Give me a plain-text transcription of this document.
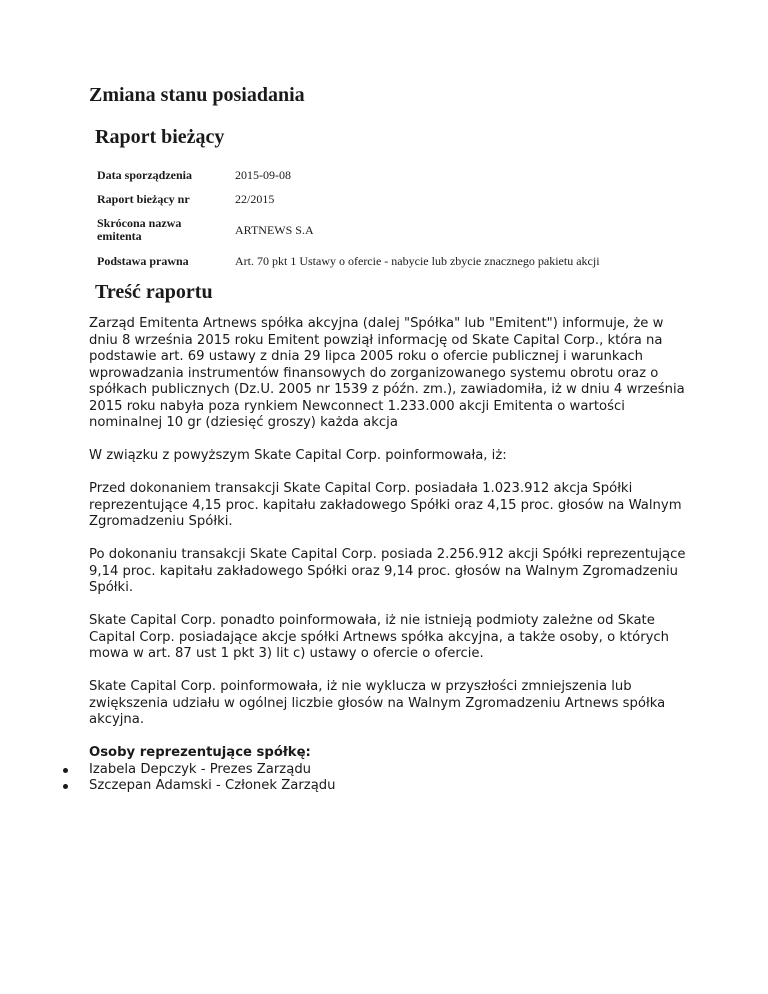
Zmiana stanu posiadania
Raport bieżący
Data sporządzenia	2015-09-08
Raport bieżący nr	22/2015
Skrócona nazwa emitenta	ARTNEWS S.A
Podstawa prawna	Art. 70 pkt 1 Ustawy o ofercie - nabycie lub zbycie znacznego pakietu akcji
Treść raportu

Zarząd Emitenta Artnews spółka akcyjna (dalej "Spółka" lub "Emitent") informuje, że w dniu 8 września 2015 roku Emitent powziął informację od Skate Capital Corp., która na podstawie art. 69 ustawy z dnia 29 lipca 2005 roku o ofercie publicznej i warunkach wprowadzania instrumentów finansowych do zorganizowanego systemu obrotu oraz o spółkach publicznych (Dz.U. 2005 nr 1539 z późn. zm.), zawiadomiła, iż w dniu 4 września 2015 roku nabyła poza rynkiem Newconnect 1.233.000 akcji Emitenta o wartości nominalnej 10 gr (dziesięć groszy) każda akcja

W związku z powyższym Skate Capital Corp. poinformowała, iż:

Przed dokonaniem transakcji Skate Capital Corp. posiadała 1.023.912 akcja Spółki reprezentujące 4,15 proc. kapitału zakładowego Spółki oraz 4,15 proc. głosów na Walnym Zgromadzeniu Spółki.

Po dokonaniu transakcji Skate Capital Corp. posiada 2.256.912 akcji Spółki reprezentujące 9,14 proc. kapitału zakładowego Spółki oraz 9,14 proc. głosów na Walnym Zgromadzeniu Spółki.

Skate Capital Corp. ponadto poinformowała, iż nie istnieją podmioty zależne od Skate Capital Corp. posiadające akcje spółki Artnews spółka akcyjna, a także osoby, o których mowa w art. 87 ust 1 pkt 3) lit c) ustawy o ofercie o ofercie.

Skate Capital Corp. poinformowała, iż nie wyklucza w przyszłości zmniejszenia lub zwiększenia udziału w ogólnej liczbie głosów na Walnym Zgromadzeniu Artnews spółka akcyjna.

Osoby reprezentujące spółkę:
Izabela Depczyk - Prezes Zarządu
Szczepan Adamski - Członek Zarządu
